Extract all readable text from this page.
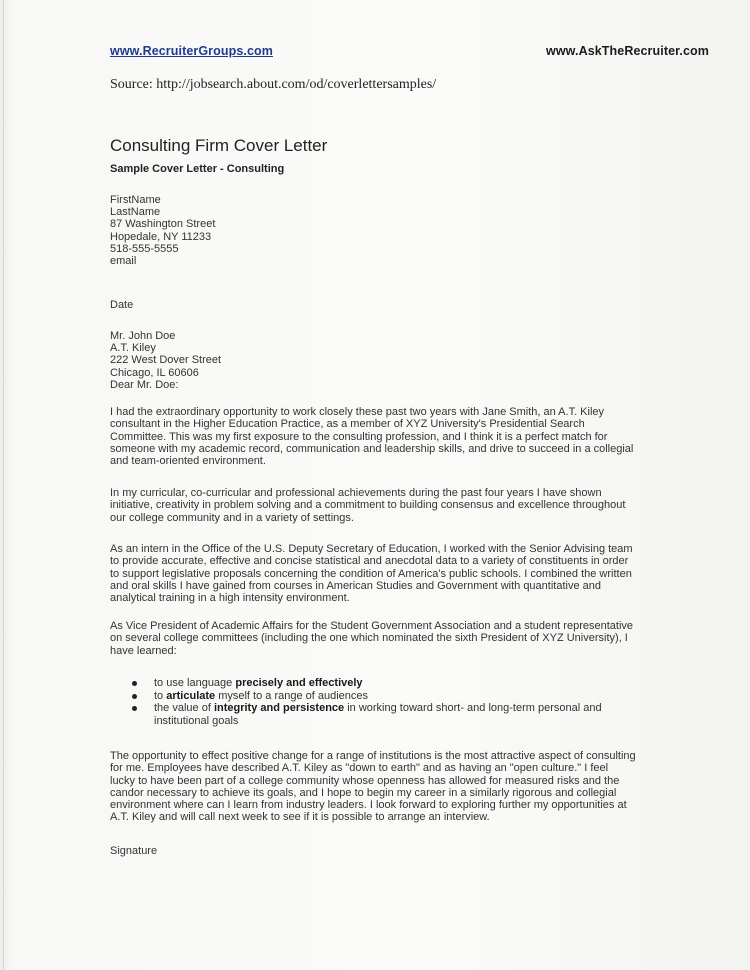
www.RecruiterGroups.com	www.AskTheRecruiter.com
Source: http://jobsearch.about.com/od/coverlettersamples/
Consulting Firm Cover Letter
Sample Cover Letter - Consulting
FirstName
LastName
87 Washington Street
Hopedale, NY 11233
518-555-5555
email
Date
Mr. John Doe
A.T. Kiley
222 West Dover Street
Chicago, IL 60606
Dear Mr. Doe:
I had the extraordinary opportunity to work closely these past two years with Jane Smith, an A.T. Kiley
consultant in the Higher Education Practice, as a member of XYZ University's Presidential Search
Committee. This was my first exposure to the consulting profession, and I think it is a perfect match for
someone with my academic record, communication and leadership skills, and drive to succeed in a collegial
and team-oriented environment.
In my curricular, co-curricular and professional achievements during the past four years I have shown
initiative, creativity in problem solving and a commitment to building consensus and excellence throughout
our college community and in a variety of settings.
As an intern in the Office of the U.S. Deputy Secretary of Education, I worked with the Senior Advising team
to provide accurate, effective and concise statistical and anecdotal data to a variety of constituents in order
to support legislative proposals concerning the condition of America's public schools. I combined the written
and oral skills I have gained from courses in American Studies and Government with quantitative and
analytical training in a high intensity environment.
As Vice President of Academic Affairs for the Student Government Association and a student representative
on several college committees (including the one which nominated the sixth President of XYZ University), I
have learned:
to use language precisely and effectively
to articulate myself to a range of audiences
the value of integrity and persistence in working toward short- and long-term personal and
institutional goals
The opportunity to effect positive change for a range of institutions is the most attractive aspect of consulting
for me. Employees have described A.T. Kiley as "down to earth" and as having an "open culture." I feel
lucky to have been part of a college community whose openness has allowed for measured risks and the
candor necessary to achieve its goals, and I hope to begin my career in a similarly rigorous and collegial
environment where can I learn from industry leaders. I look forward to exploring further my opportunities at
A.T. Kiley and will call next week to see if it is possible to arrange an interview.
Signature
